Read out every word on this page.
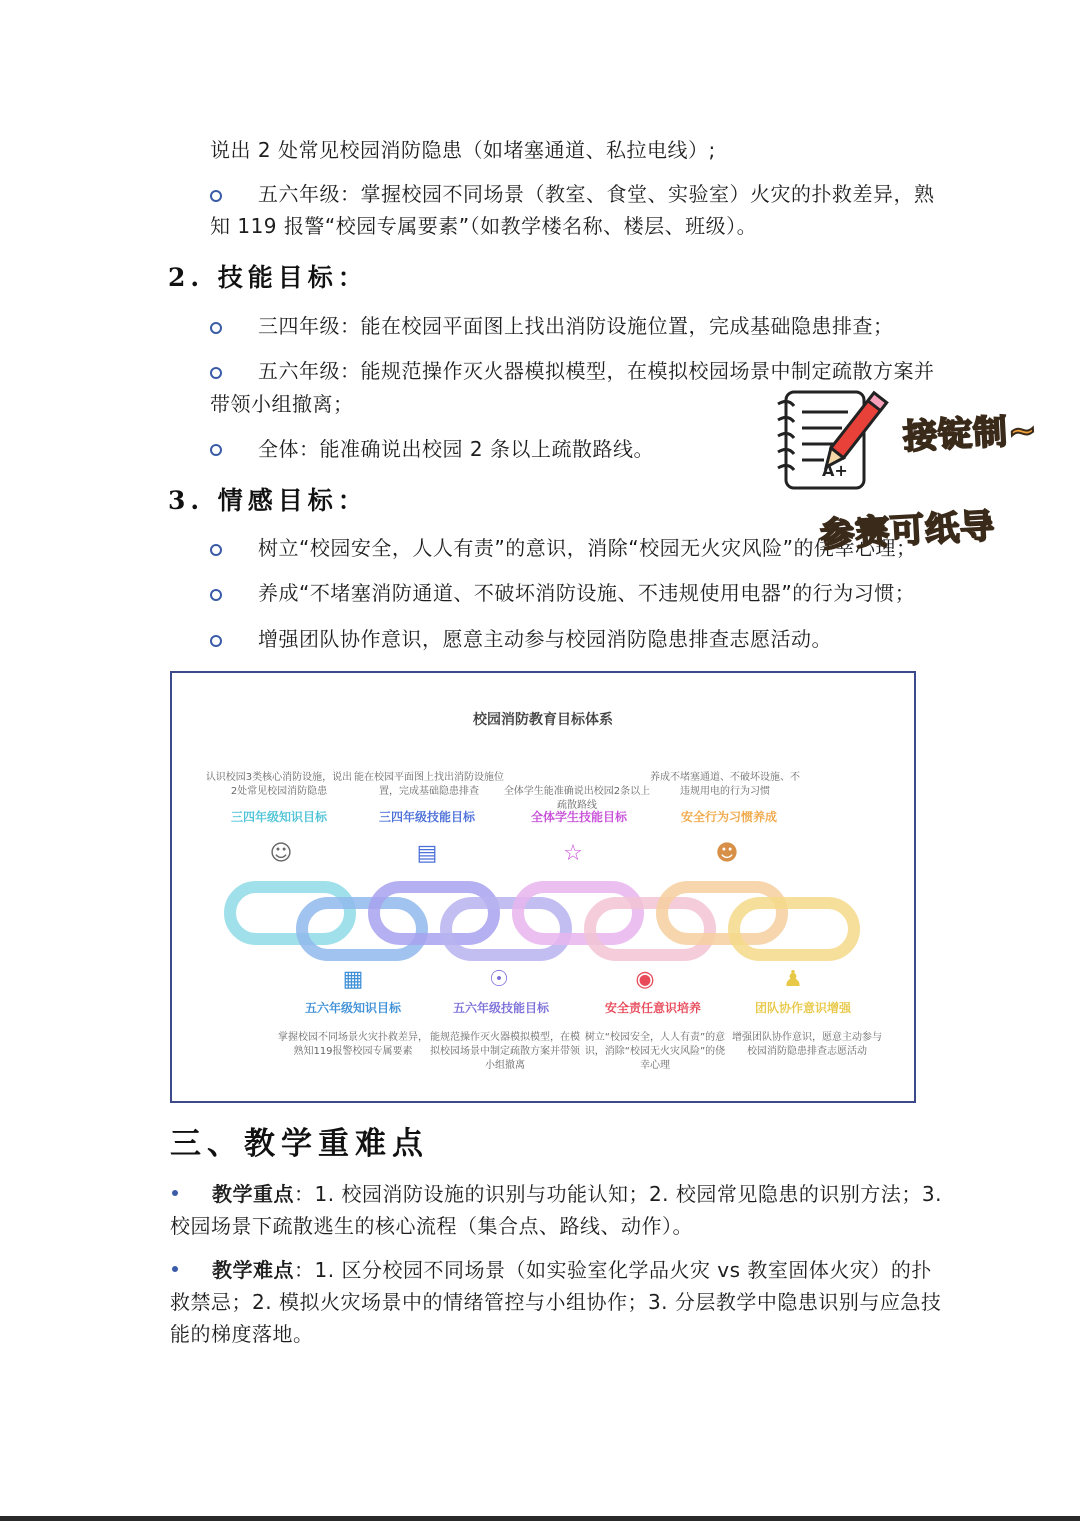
说出 2 处常见校园消防隐患（如堵塞通道、私拉电线）;
五六年级：掌握校园不同场景（教室、食堂、实验室）火灾的扑救差异，熟
知 119 报警“校园专属要素”（如教学楼名称、楼层、班级）。
2. 技能目标：
三四年级：能在校园平面图上找出消防设施位置，完成基础隐患排查；
五六年级：能规范操作灭火器模拟模型，在模拟校园场景中制定疏散方案并
带领小组撤离；
全体：能准确说出校园 2 条以上疏散路线。
3. 情感目标：
树立“校园安全，人人有责”的意识，消除“校园无火灾风险”的侥幸心理；
养成“不堵塞消防通道、不破坏消防设施、不违规使用电器”的行为习惯；
增强团队协作意识，愿意主动参与校园消防隐患排查志愿活动。
A+
接锭制~
参赛可纸导
校园消防教育目标体系
认识校园3类核心消防设施，说出2处常见校园消防隐患
三四年级知识目标
☺
能在校园平面图上找出消防设施位置，完成基础隐患排查
三四年级技能目标
▤
全体学生能准确说出校园2条以上疏散路线
全体学生技能目标
☆
养成不堵塞通道、不破坏设施、不违规用电的行为习惯
安全行为习惯养成
☻
▦
五六年级知识目标
掌握校园不同场景火灾扑救差异，熟知119报警校园专属要素
☉
五六年级技能目标
能规范操作灭火器模拟模型，在模拟校园场景中制定疏散方案并带领小组撤离
◉
安全责任意识培养
树立“校园安全，人人有责”的意识，消除“校园无火灾风险”的侥幸心理
♟
团队协作意识增强
增强团队协作意识，愿意主动参与校园消防隐患排查志愿活动
三、教学重难点
教学重点：1. 校园消防设施的识别与功能认知；2. 校园常见隐患的识别方法；3.
校园场景下疏散逃生的核心流程（集合点、路线、动作）。
教学难点：1. 区分校园不同场景（如实验室化学品火灾 vs 教室固体火灾）的扑
救禁忌；2. 模拟火灾场景中的情绪管控与小组协作；3. 分层教学中隐患识别与应急技
能的梯度落地。
